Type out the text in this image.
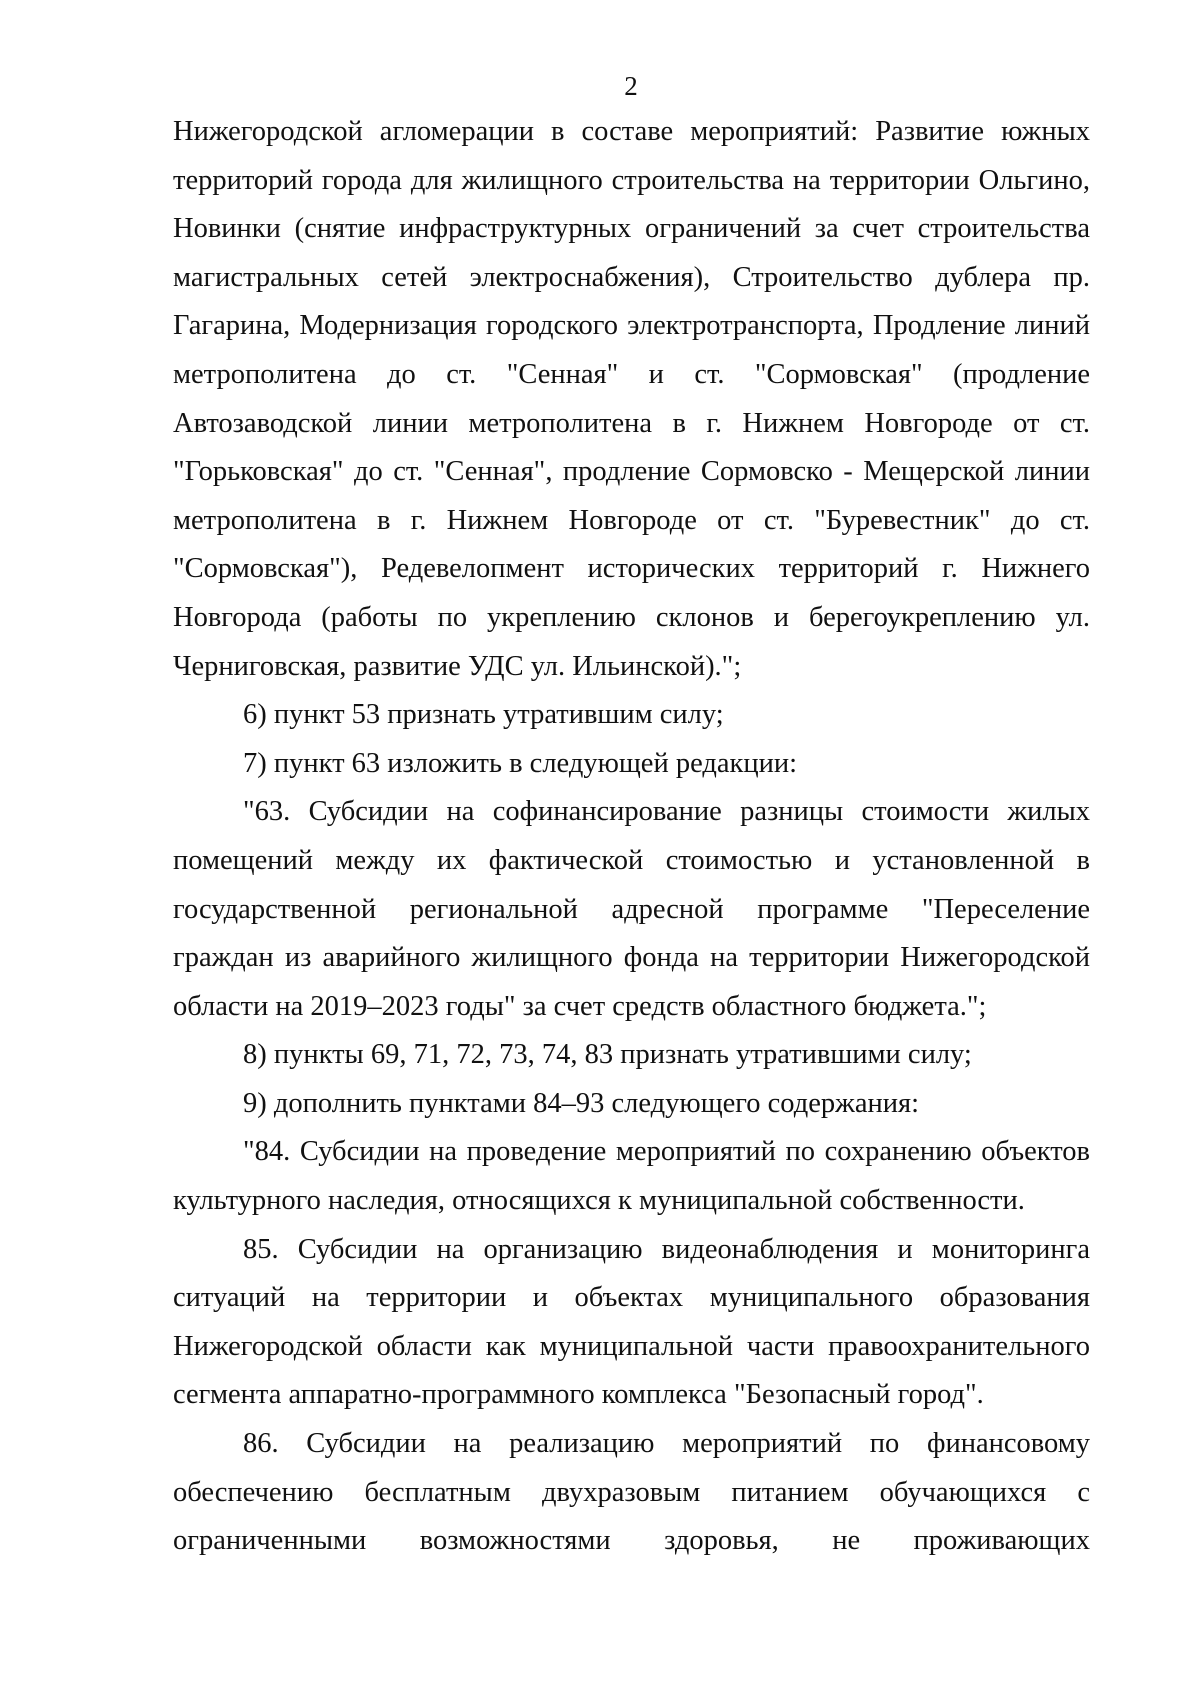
2

Нижегородской агломерации в составе мероприятий: Развитие южных территорий города для жилищного строительства на территории Ольгино, Новинки (снятие инфраструктурных ограничений за счет строительства магистральных сетей электроснабжения), Строительство дублера пр. Гагарина, Модернизация городского электротранспорта, Продление линий метрополитена до ст. "Сенная" и ст. "Сормовская" (продление Автозаводской линии метрополитена в г. Нижнем Новгороде от ст. "Горьковская" до ст. "Сенная", продление Сормовско - Мещерской линии метрополитена в г. Нижнем Новгороде от ст. "Буревестник" до ст. "Сормовская"), Редевелопмент исторических территорий г. Нижнего Новгорода (работы по укреплению склонов и берегоукреплению ул. Черниговская, развитие УДС ул. Ильинской).";

6) пункт 53 признать утратившим силу;

7) пункт 63 изложить в следующей редакции:

"63. Субсидии на софинансирование разницы стоимости жилых помещений между их фактической стоимостью и установленной в государственной региональной адресной программе "Переселение граждан из аварийного жилищного фонда на территории Нижегородской области на 2019–2023 годы" за счет средств областного бюджета.";

8) пункты 69, 71, 72, 73, 74, 83 признать утратившими силу;

9) дополнить пунктами 84–93 следующего содержания:

"84. Субсидии на проведение мероприятий по сохранению объектов культурного наследия, относящихся к муниципальной собственности.

85. Субсидии на организацию видеонаблюдения и мониторинга ситуаций на территории и объектах муниципального образования Нижегородской области как муниципальной части правоохранительного сегмента аппаратно-программного комплекса "Безопасный город".

86. Субсидии на реализацию мероприятий по финансовому обеспечению бесплатным двухразовым питанием обучающихся с ограниченными возможностями здоровья, не проживающих
